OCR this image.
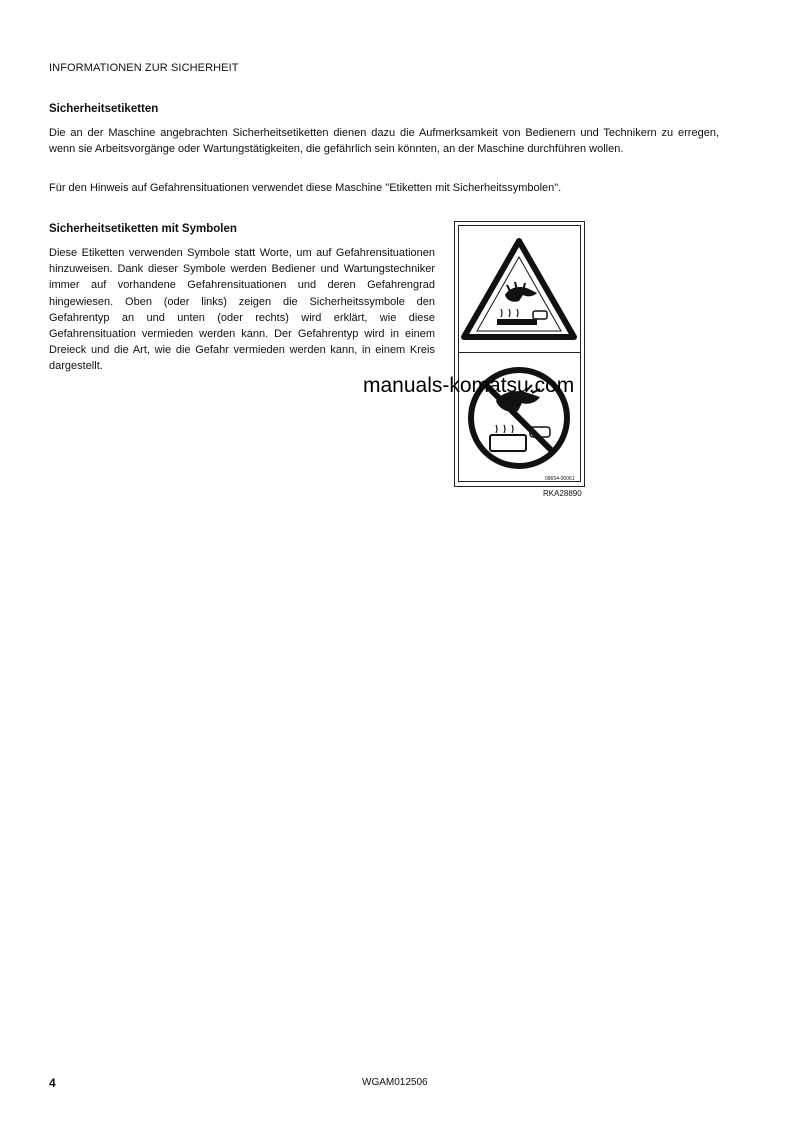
INFORMATIONEN ZUR SICHERHEIT
Sicherheitsetiketten
Die an der Maschine angebrachten Sicherheitsetiketten dienen dazu die Aufmerksamkeit von Bedienern und Technikern zu erregen, wenn sie Arbeitsvorgänge oder Wartungstätigkeiten, die gefährlich sein könnten, an der Maschine durchführen wollen.
Für den Hinweis auf Gefahrensituationen verwendet diese Maschine "Etiketten mit Sicherheitssymbolen".
Sicherheitsetiketten mit Symbolen
Diese Etiketten verwenden Symbole statt Worte, um auf Gefahrensituationen hinzuweisen. Dank dieser Symbole werden Bediener und Wartungstechniker immer auf vorhandene Gefahrensituationen und deren Gefahrengrad hingewiesen. Oben (oder links) zeigen die Sicherheitssymbole den Gefahrentyp an und unten (oder rechts) wird erklärt, wie diese Gefahrensituation vermieden werden kann. Der Gefahrentyp wird in einem Dreieck und die Art, wie die Gefahr vermieden werden kann, in einem Kreis dargestellt.
09654-00061
RKA28890
manuals-komatsu.com
4	WGAM012506
